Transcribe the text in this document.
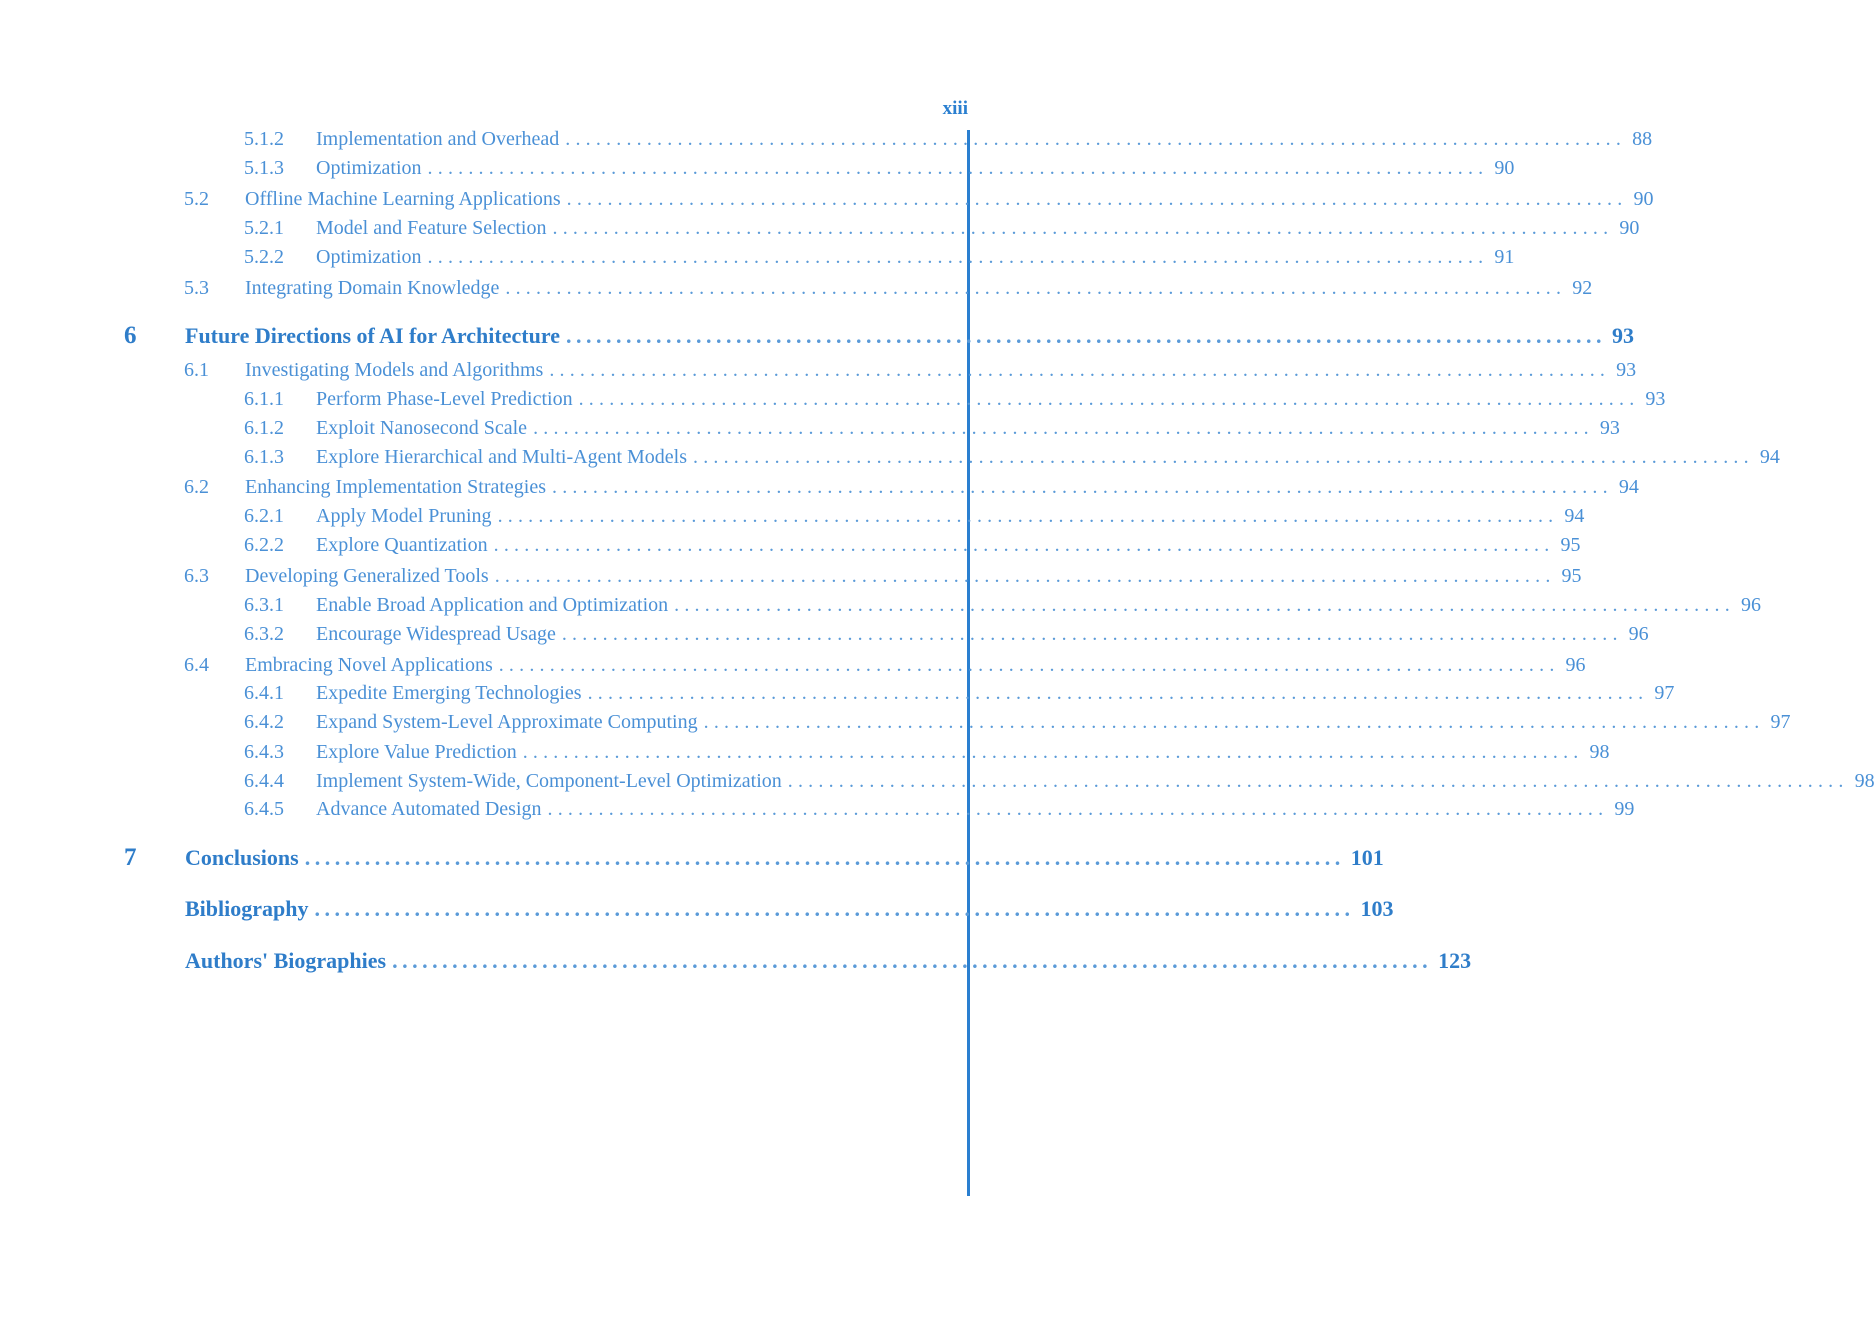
xiii
5.1.2	Implementation and Overhead ........................................................................................................ 88
5.1.3	Optimization ........................................................................................................ 90
5.2	Offline Machine Learning Applications ........................................................................................................ 90
5.2.1	Model and Feature Selection ........................................................................................................ 90
5.2.2	Optimization ........................................................................................................ 91
5.3	Integrating Domain Knowledge ........................................................................................................ 92
6	Future Directions of AI for Architecture ........................................................................................................ 93
6.1	Investigating Models and Algorithms ........................................................................................................ 93
6.1.1	Perform Phase-Level Prediction ........................................................................................................ 93
6.1.2	Exploit Nanosecond Scale ........................................................................................................ 93
6.1.3	Explore Hierarchical and Multi-Agent Models ........................................................................................................ 94
6.2	Enhancing Implementation Strategies ........................................................................................................ 94
6.2.1	Apply Model Pruning ........................................................................................................ 94
6.2.2	Explore Quantization ........................................................................................................ 95
6.3	Developing Generalized Tools ........................................................................................................ 95
6.3.1	Enable Broad Application and Optimization ........................................................................................................ 96
6.3.2	Encourage Widespread Usage ........................................................................................................ 96
6.4	Embracing Novel Applications ........................................................................................................ 96
6.4.1	Expedite Emerging Technologies ........................................................................................................ 97
6.4.2	Expand System-Level Approximate Computing ........................................................................................................ 97
6.4.3	Explore Value Prediction ........................................................................................................ 98
6.4.4	Implement System-Wide, Component-Level Optimization ........................................................................................................ 98
6.4.5	Advance Automated Design ........................................................................................................ 99
7	Conclusions ........................................................................................................ 101
Bibliography ........................................................................................................ 103
Authors' Biographies ........................................................................................................ 123
